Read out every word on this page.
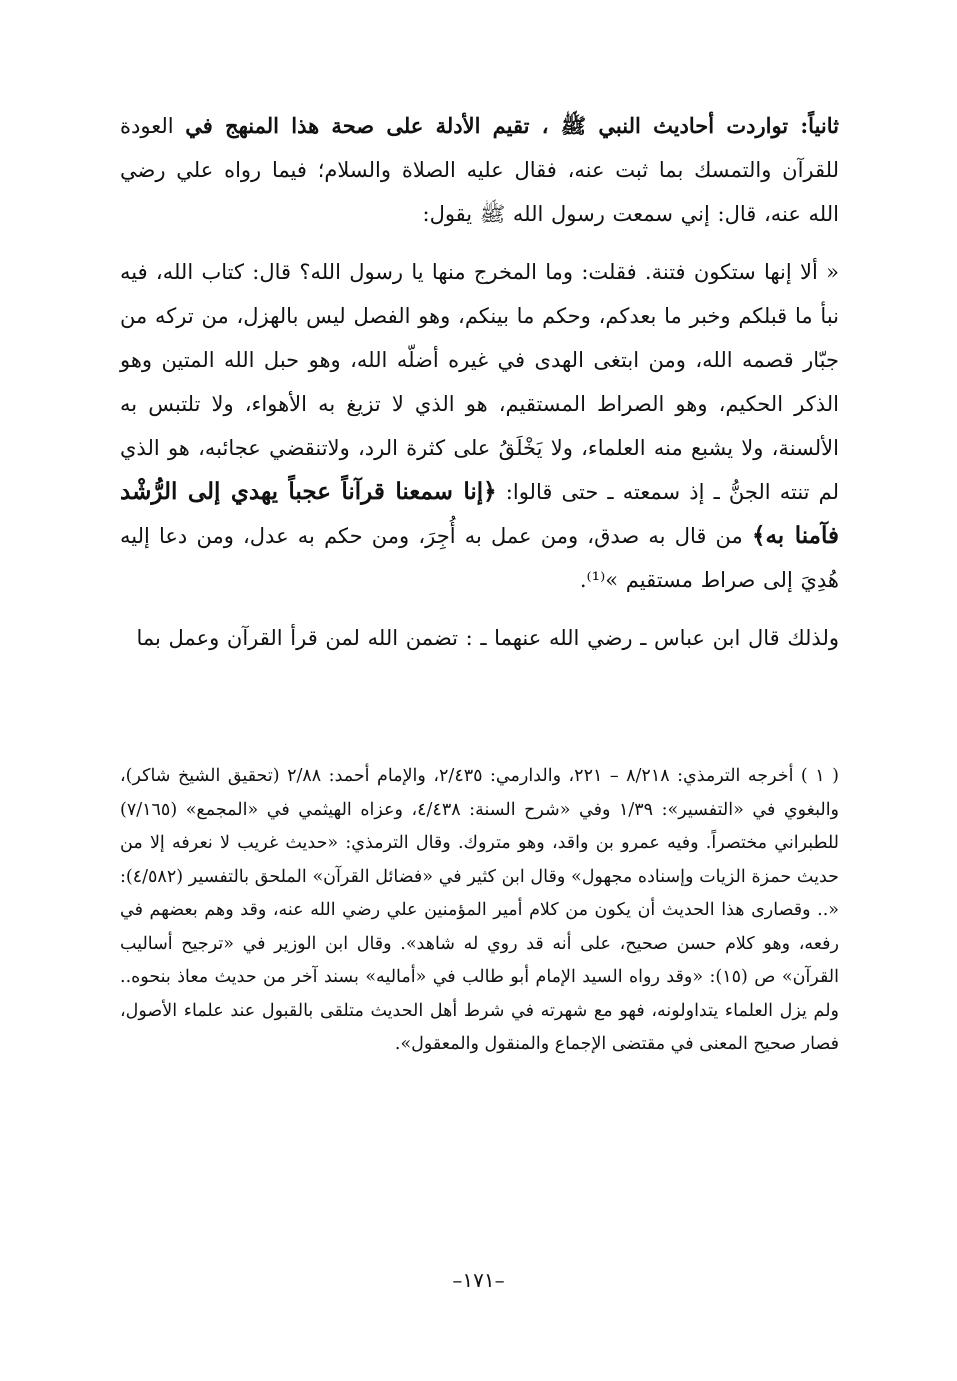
ثانياً: تواردت أحاديث النبي ﷺ ، تقيم الأدلة على صحة هذا المنهج في العودة للقرآن والتمسك بما ثبت عنه، فقال عليه الصلاة والسلام؛ فيما رواه علي رضي الله عنه، قال: إني سمعت رسول الله ﷺ يقول:

« ألا إنها ستكون فتنة. فقلت: وما المخرج منها يا رسول الله؟ قال: كتاب الله، فيه نبأ ما قبلكم وخبر ما بعدكم، وحكم ما بينكم، وهو الفصل ليس بالهزل، من تركه من جبّار قصمه الله، ومن ابتغى الهدى في غيره أضلّه الله، وهو حبل الله المتين وهو الذكر الحكيم، وهو الصراط المستقيم، هو الذي لا تزيغ به الأهواء، ولا تلتبس به الألسنة، ولا يشبع منه العلماء، ولا يَخْلَقُ على كثرة الرد، ولاتنقضي عجائبه، هو الذي لم تنته الجنُّ ـ إذ سمعته ـ حتى قالوا: ﴿إنا سمعنا قرآناً عجباً يهدي إلى الرُّشْد فآمنا به﴾ من قال به صدق، ومن عمل به أُجِرَ، ومن حكم به عدل، ومن دعا إليه هُدِيَ إلى صراط مستقيم »⁽¹⁾.

ولذلك قال ابن عباس ـ رضي الله عنهما ـ : تضمن الله لمن قرأ القرآن وعمل بما

( ١ ) أخرجه الترمذي: ٨/٢١٨ – ٢٢١، والدارمي: ٢/٤٣٥، والإمام أحمد: ٢/٨٨ (تحقيق الشيخ شاكر)، والبغوي في «التفسير»: ١/٣٩ وفي «شرح السنة: ٤/٤٣٨، وعزاه الهيثمي في «المجمع» (٧/١٦٥) للطبراني مختصراً. وفيه عمرو بن واقد، وهو متروك. وقال الترمذي: «حديث غريب لا نعرفه إلا من حديث حمزة الزيات وإسناده مجهول» وقال ابن كثير في «فضائل القرآن» الملحق بالتفسير (٤/٥٨٢): «.. وقصارى هذا الحديث أن يكون من كلام أمير المؤمنين علي رضي الله عنه، وقد وهم بعضهم في رفعه، وهو كلام حسن صحيح، على أنه قد روي له شاهد». وقال ابن الوزير في «ترجيح أساليب القرآن» ص (١٥): «وقد رواه السيد الإمام أبو طالب في «أماليه» بسند آخر من حديث معاذ بنحوه.. ولم يزل العلماء يتداولونه، فهو مع شهرته في شرط أهل الحديث متلقى بالقبول عند علماء الأصول، فصار صحيح المعنى في مقتضى الإجماع والمنقول والمعقول».

–١٧١–
